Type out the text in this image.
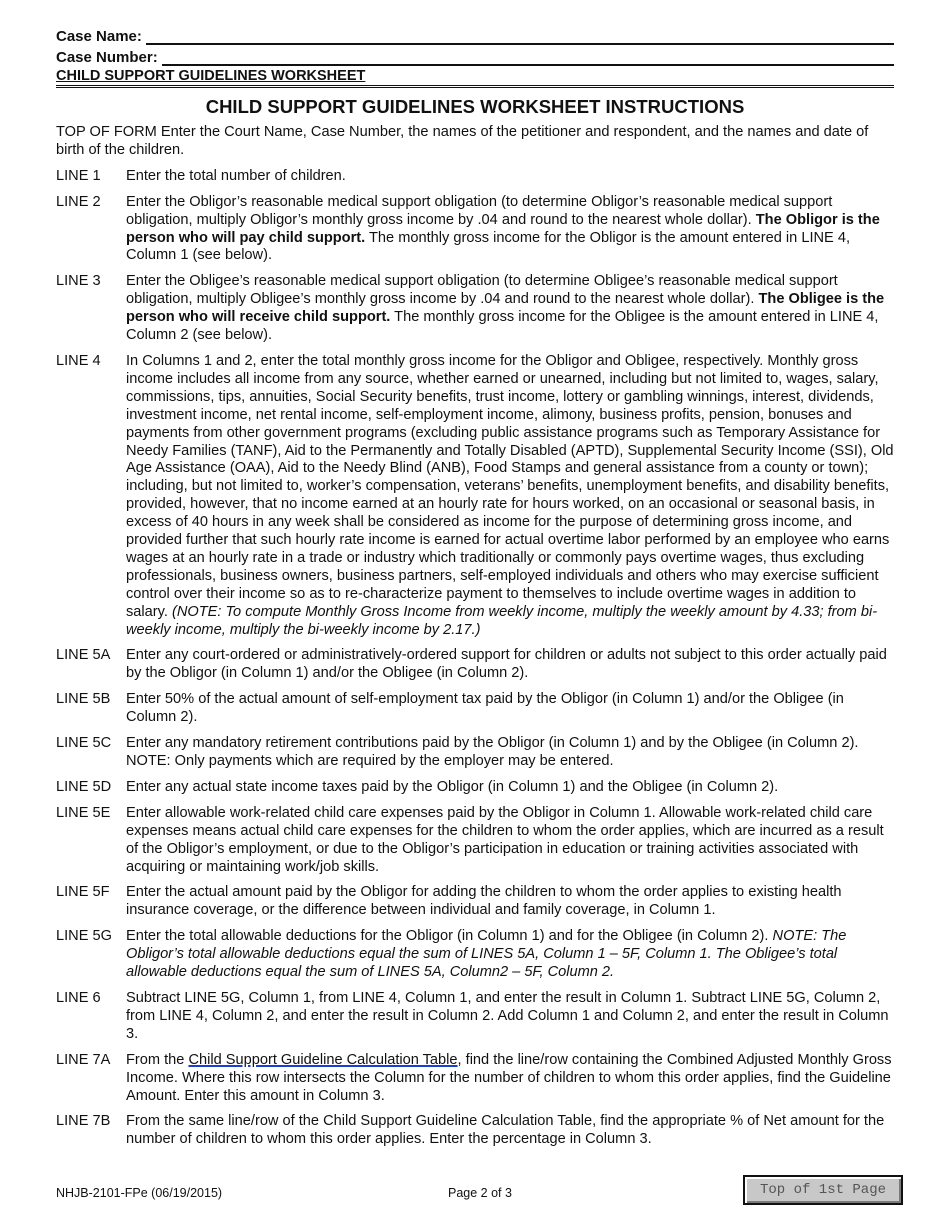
Case Name:
Case Number:
CHILD SUPPORT GUIDELINES WORKSHEET
CHILD SUPPORT GUIDELINES WORKSHEET INSTRUCTIONS
TOP OF FORM Enter the Court Name, Case Number, the names of the petitioner and respondent, and the names and date of birth of the children.
LINE 1	Enter the total number of children.
LINE 2	Enter the Obligor’s reasonable medical support obligation (to determine Obligor’s reasonable medical support obligation, multiply Obligor’s monthly gross income by .04 and round to the nearest whole dollar). The Obligor is the person who will pay child support. The monthly gross income for the Obligor is the amount entered in LINE 4, Column 1 (see below).
LINE 3	Enter the Obligee’s reasonable medical support obligation (to determine Obligee’s reasonable medical support obligation, multiply Obligee’s monthly gross income by .04 and round to the nearest whole dollar). The Obligee is the person who will receive child support. The monthly gross income for the Obligee is the amount entered in LINE 4, Column 2 (see below).
LINE 4	In Columns 1 and 2, enter the total monthly gross income for the Obligor and Obligee, respectively. Monthly gross income includes all income from any source, whether earned or unearned, including but not limited to, wages, salary, commissions, tips, annuities, Social Security benefits, trust income, lottery or gambling winnings, interest, dividends, investment income, net rental income, self-employment income, alimony, business profits, pension, bonuses and payments from other government programs (excluding public assistance programs such as Temporary Assistance for Needy Families (TANF), Aid to the Permanently and Totally Disabled (APTD), Supplemental Security Income (SSI), Old Age Assistance (OAA), Aid to the Needy Blind (ANB), Food Stamps and general assistance from a county or town); including, but not limited to, worker’s compensation, veterans’ benefits, unemployment benefits, and disability benefits, provided, however, that no income earned at an hourly rate for hours worked, on an occasional or seasonal basis, in excess of 40 hours in any week shall be considered as income for the purpose of determining gross income, and provided further that such hourly rate income is earned for actual overtime labor performed by an employee who earns wages at an hourly rate in a trade or industry which traditionally or commonly pays overtime wages, thus excluding professionals, business owners, business partners, self-employed individuals and others who may exercise sufficient control over their income so as to re-characterize payment to themselves to include overtime wages in addition to salary. (NOTE: To compute Monthly Gross Income from weekly income, multiply the weekly amount by 4.33; from bi-weekly income, multiply the bi-weekly income by 2.17.)
LINE 5A	Enter any court-ordered or administratively-ordered support for children or adults not subject to this order actually paid by the Obligor (in Column 1) and/or the Obligee (in Column 2).
LINE 5B	Enter 50% of the actual amount of self-employment tax paid by the Obligor (in Column 1) and/or the Obligee (in Column 2).
LINE 5C	Enter any mandatory retirement contributions paid by the Obligor (in Column 1) and by the Obligee (in Column 2). NOTE: Only payments which are required by the employer may be entered.
LINE 5D	Enter any actual state income taxes paid by the Obligor (in Column 1) and the Obligee (in Column 2).
LINE 5E	Enter allowable work-related child care expenses paid by the Obligor in Column 1. Allowable work-related child care expenses means actual child care expenses for the children to whom the order applies, which are incurred as a result of the Obligor’s employment, or due to the Obligor’s participation in education or training activities associated with acquiring or maintaining work/job skills.
LINE 5F	Enter the actual amount paid by the Obligor for adding the children to whom the order applies to existing health insurance coverage, or the difference between individual and family coverage, in Column 1.
LINE 5G Enter the total allowable deductions for the Obligor (in Column 1) and for the Obligee (in Column 2). NOTE: The Obligor’s total allowable deductions equal the sum of LINES 5A, Column 1 – 5F, Column 1. The Obligee’s total allowable deductions equal the sum of LINES 5A, Column2 – 5F, Column 2.
LINE 6	Subtract LINE 5G, Column 1, from LINE 4, Column 1, and enter the result in Column 1. Subtract LINE 5G, Column 2, from LINE 4, Column 2, and enter the result in Column 2. Add Column 1 and Column 2, and enter the result in Column 3.
LINE 7A	From the Child Support Guideline Calculation Table, find the line/row containing the Combined Adjusted Monthly Gross Income. Where this row intersects the Column for the number of children to whom this order applies, find the Guideline Amount. Enter this amount in Column 3.
LINE 7B	From the same line/row of the Child Support Guideline Calculation Table, find the appropriate % of Net amount for the number of children to whom this order applies. Enter the percentage in Column 3.
NHJB-2101-FPe (06/19/2015)	Page 2 of 3	Top of 1st Page
